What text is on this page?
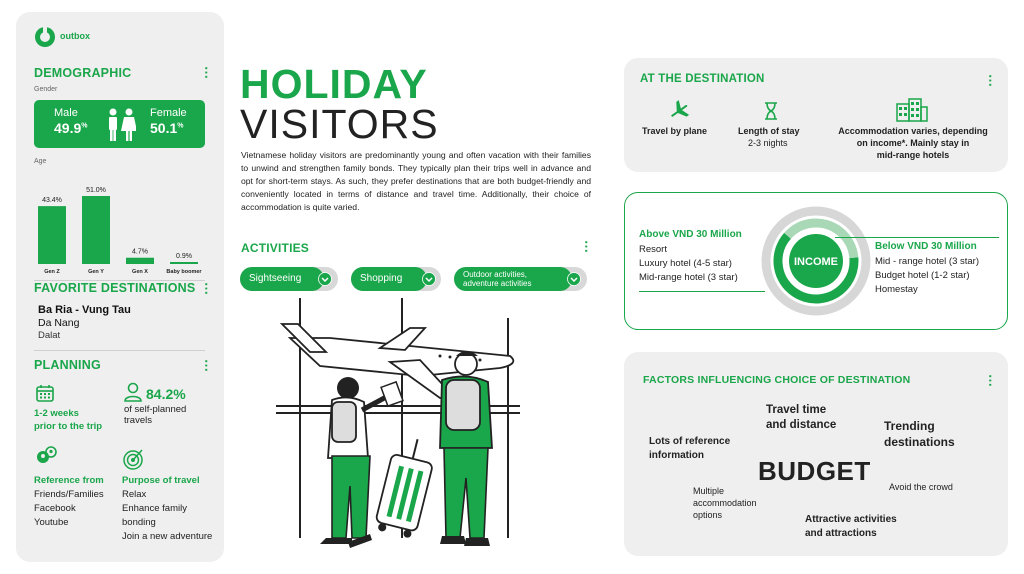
outbox
DEMOGRAPHIC	⋯
Gender
Male
49.9%
Female
50.1%
Age
43.4%
Gen Z
51.0%
Gen Y
4.7%
Gen X
0.9%
Baby boomer
FAVORITE DESTINATIONS ⋯
Ba Ria - Vung Tau
Da Nang
Dalat
PLANNING	⋯
1-2 weeks
prior to the trip
84.2%
of self-planned
travels
Reference from
Friends/Families
Facebook
Youtube
Purpose of travel
Relax
Enhance family
bonding
Join a new adventure
HOLIDAY
VISITORS
Vietnamese holiday visitors are predominantly young and often vacation with their families to unwind and strengthen family bonds. They typically plan their trips well in advance and opt for short-term stays. As such, they prefer destinations that are both budget-friendly and conveniently located in terms of distance and travel time. Additionally, their choice of accommodation is quite varied.
ACTIVITIES	⋯
Sightseeing	Shopping	Outdoor activities,
adventure activities
AT THE DESTINATION	⋯
Travel by plane	Length of stay
2-3 nights
Accommodation varies, depending
on income*. Mainly stay in
mid-range hotels
Above VND 30 Million
Resort
Luxury hotel (4-5 star)
Mid-range hotel (3 star)
INCOME
Below VND 30 Million
Mid - range hotel (3 star)
Budget hotel (1-2 star)
Homestay
FACTORS INFLUENCING CHOICE OF DESTINATION	⋯
Travel time
and distance	Trending
destinations
Lots of reference
information
BUDGET
Avoid the crowd
Multiple
accommodation
options	Attractive activities
and attractions
